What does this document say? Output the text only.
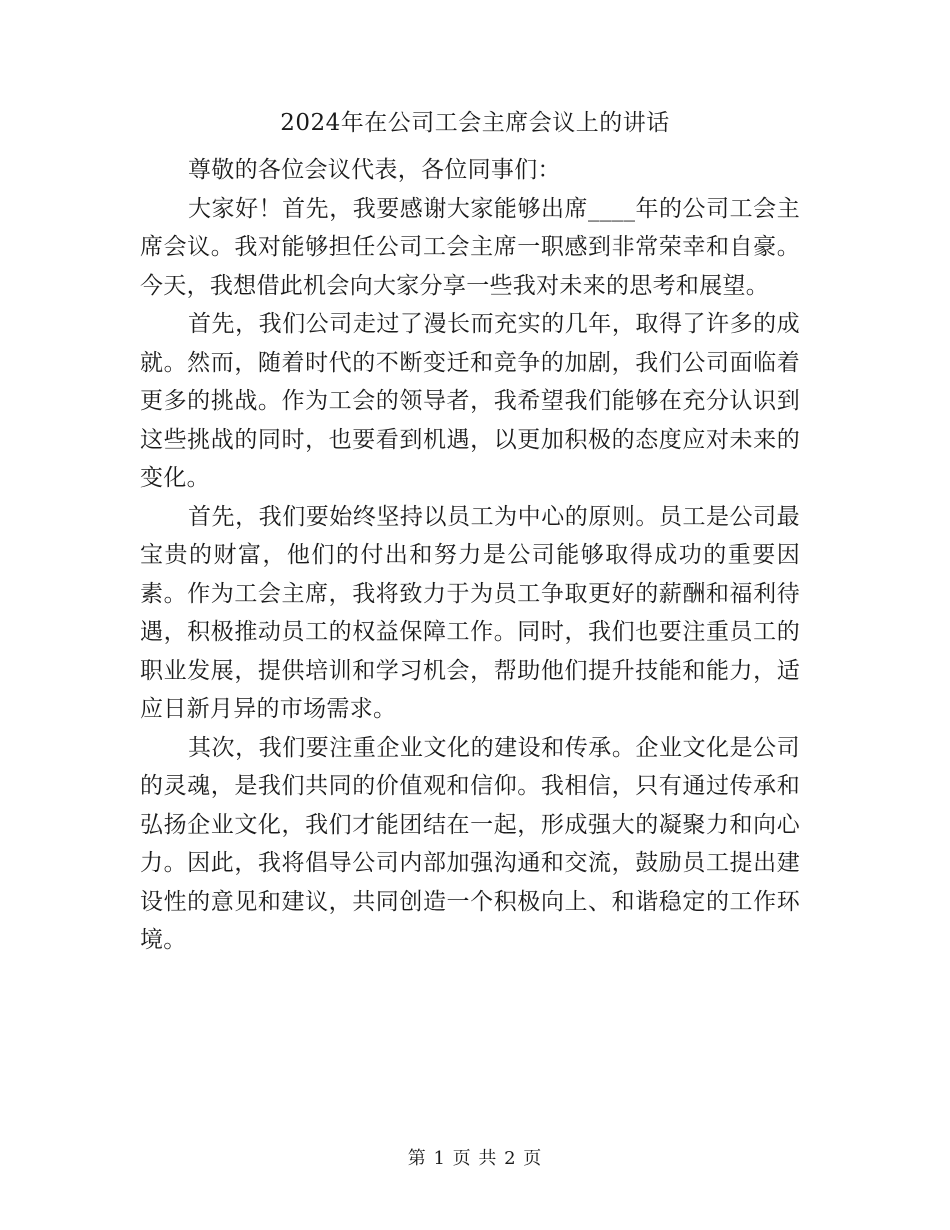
2024年在公司工会主席会议上的讲话

尊敬的各位会议代表，各位同事们：

大家好！首先，我要感谢大家能够出席____年的公司工会主席会议。我对能够担任公司工会主席一职感到非常荣幸和自豪。今天，我想借此机会向大家分享一些我对未来的思考和展望。

首先，我们公司走过了漫长而充实的几年，取得了许多的成就。然而，随着时代的不断变迁和竞争的加剧，我们公司面临着更多的挑战。作为工会的领导者，我希望我们能够在充分认识到这些挑战的同时，也要看到机遇，以更加积极的态度应对未来的变化。

首先，我们要始终坚持以员工为中心的原则。员工是公司最宝贵的财富，他们的付出和努力是公司能够取得成功的重要因素。作为工会主席，我将致力于为员工争取更好的薪酬和福利待遇，积极推动员工的权益保障工作。同时，我们也要注重员工的职业发展，提供培训和学习机会，帮助他们提升技能和能力，适应日新月异的市场需求。

其次，我们要注重企业文化的建设和传承。企业文化是公司的灵魂，是我们共同的价值观和信仰。我相信，只有通过传承和弘扬企业文化，我们才能团结在一起，形成强大的凝聚力和向心力。因此，我将倡导公司内部加强沟通和交流，鼓励员工提出建设性的意见和建议，共同创造一个积极向上、和谐稳定的工作环境。

第 1 页 共 2 页
